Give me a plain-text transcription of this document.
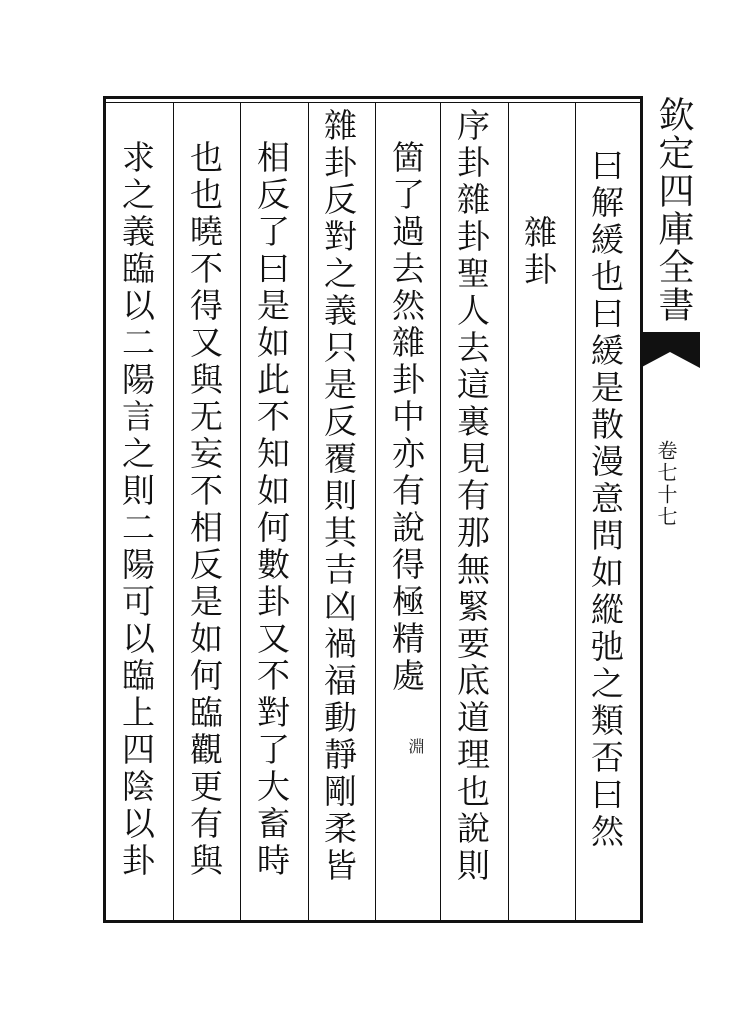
欽定四庫全書
卷七十七
曰解緩也曰緩是散漫意問如縱弛之類否曰然
雜卦
序卦雜卦聖人去這裏見有那無緊要底道理也說則
箇了過去然雜卦中亦有說得極精處
淵
雜卦反對之義只是反覆則其吉凶禍福動靜剛柔皆
相反了曰是如此不知如何數卦又不對了大畜時
也也曉不得又與无妄不相反是如何臨觀更有與
求之義臨以二陽言之則二陽可以臨上四陰以卦
